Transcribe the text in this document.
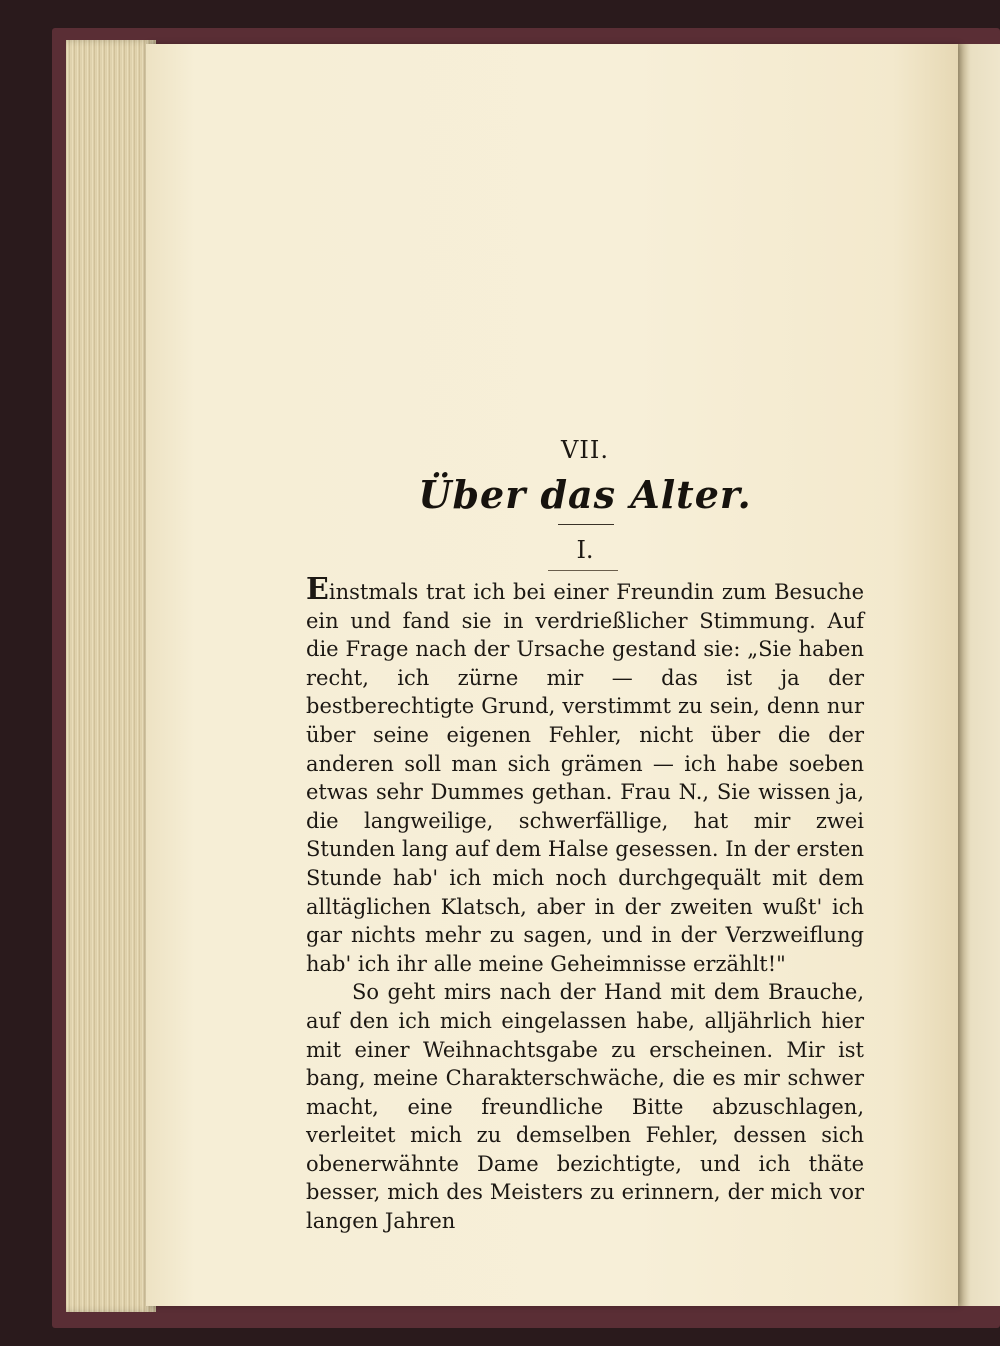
VII.
Über das Alter.
I.

Einstmals trat ich bei einer Freundin zum Besuche ein und fand sie in verdrießlicher Stimmung. Auf die Frage nach der Ursache gestand sie: „Sie haben recht, ich zürne mir — das ist ja der bestberechtigte Grund, verstimmt zu sein, denn nur über seine eigenen Fehler, nicht über die der anderen soll man sich grämen — ich habe soeben etwas sehr Dummes gethan. Frau N., Sie wissen ja, die langweilige, schwerfällige, hat mir zwei Stunden lang auf dem Halse gesessen. In der ersten Stunde hab' ich mich noch durchgequält mit dem alltäglichen Klatsch, aber in der zweiten wußt' ich gar nichts mehr zu sagen, und in der Verzweiflung hab' ich ihr alle meine Geheimnisse erzählt!"

So geht mirs nach der Hand mit dem Brauche, auf den ich mich eingelassen habe, alljährlich hier mit einer Weihnachtsgabe zu erscheinen. Mir ist bang, meine Charakterschwäche, die es mir schwer macht, eine freundliche Bitte abzuschlagen, verleitet mich zu demselben Fehler, dessen sich obenerwähnte Dame bezichtigte, und ich thäte besser, mich des Meisters zu erinnern, der mich vor langen Jahren
